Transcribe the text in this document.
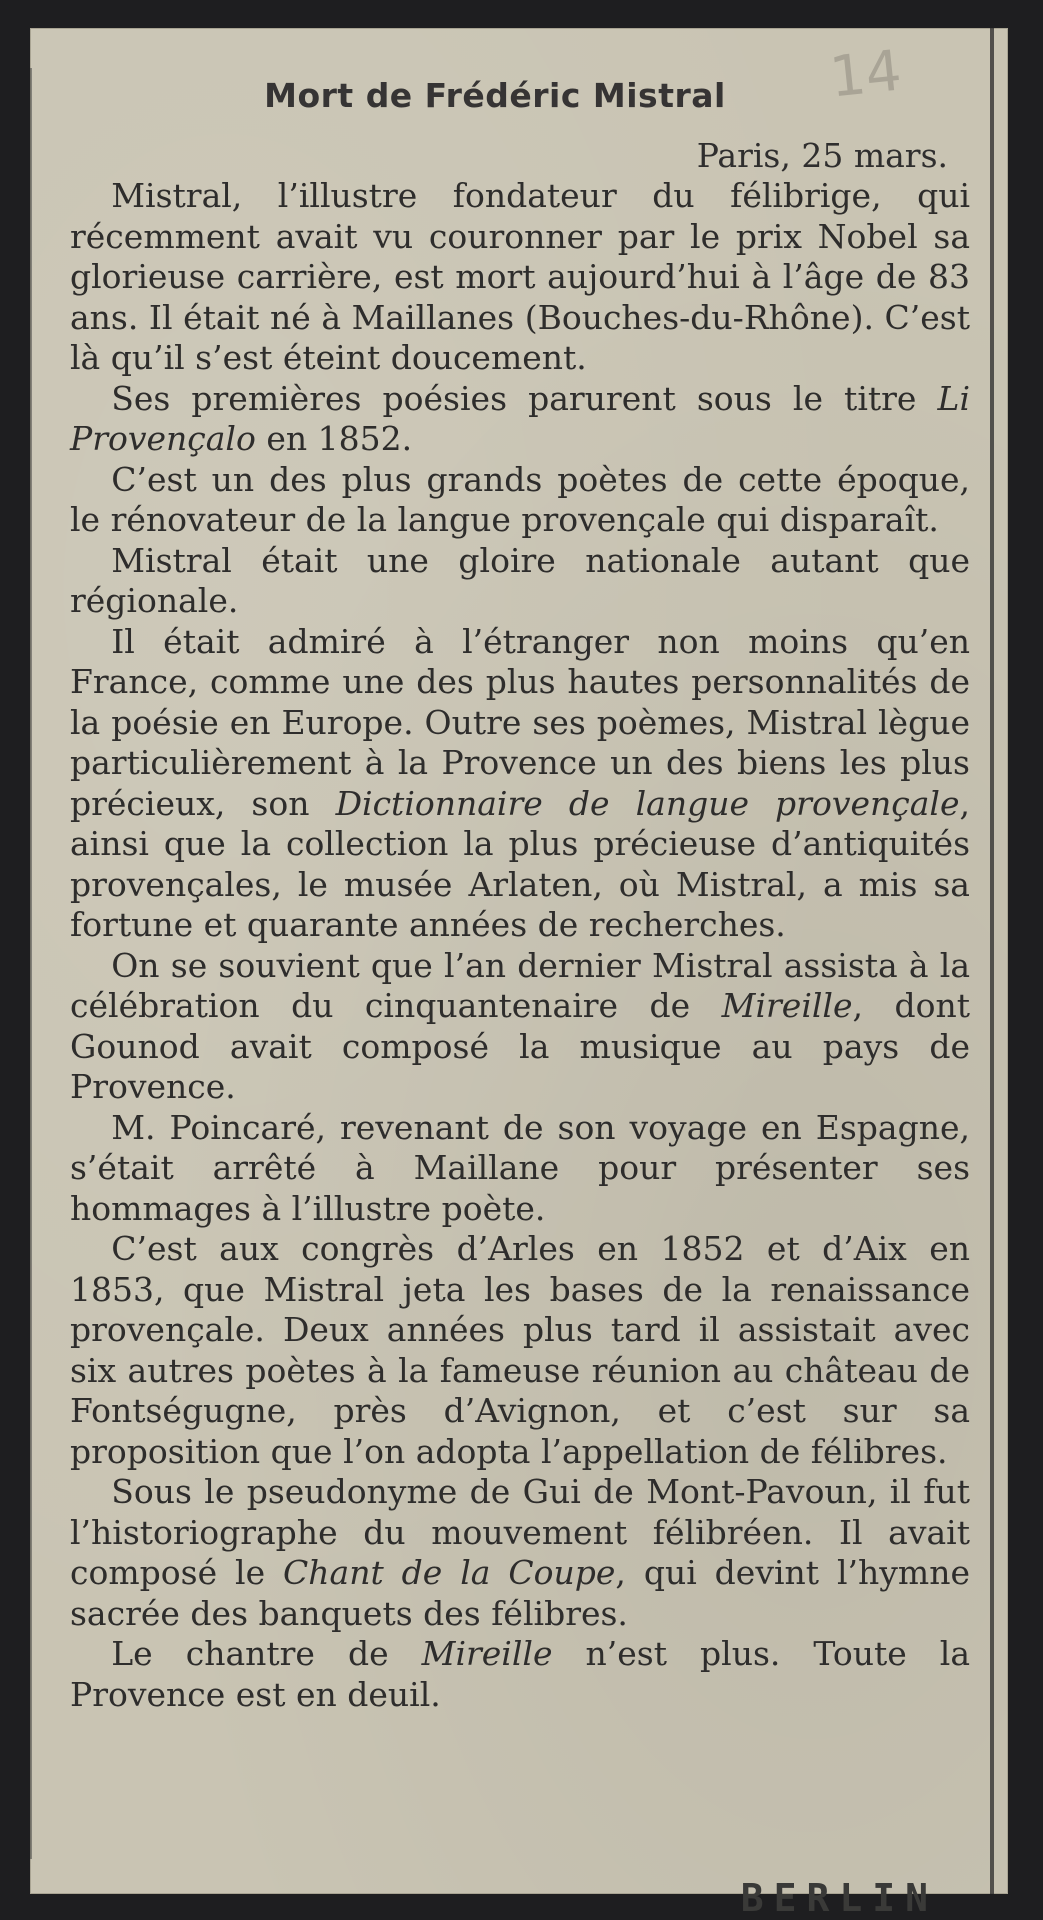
14
Mort de Frédéric Mistral
Paris, 25 mars.

Mistral, l’illustre fondateur du félibrige, qui récemment avait vu couronner par le prix Nobel sa glorieuse carrière, est mort aujourd’hui à l’âge de 83 ans. Il était né à Maillanes (Bouches-du-Rhône). C’est là qu’il s’est éteint doucement.

Ses premières poésies parurent sous le titre Li Provençalo en 1852.

C’est un des plus grands poètes de cette époque, le rénovateur de la langue provençale qui disparaît.

Mistral était une gloire nationale autant que régionale.

Il était admiré à l’étranger non moins qu’en France, comme une des plus hautes personnalités de la poésie en Europe. Outre ses poèmes, Mistral lègue particulièrement à la Provence un des biens les plus précieux, son Dictionnaire de langue provençale, ainsi que la collection la plus précieuse d’antiquités provençales, le musée Arlaten, où Mistral, a mis sa fortune et quarante années de recherches.

On se souvient que l’an dernier Mistral assista à la célébration du cinquantenaire de Mireille, dont Gounod avait composé la musique au pays de Provence.

M. Poincaré, revenant de son voyage en Espagne, s’était arrêté à Maillane pour présenter ses hommages à l’illustre poète.

C’est aux congrès d’Arles en 1852 et d’Aix en 1853, que Mistral jeta les bases de la renaissance provençale. Deux années plus tard il assistait avec six autres poètes à la fameuse réunion au château de Fontségugne, près d’Avignon, et c’est sur sa proposition que l’on adopta l’appellation de félibres.

Sous le pseudonyme de Gui de Mont-Pavoun, il fut l’historiographe du mouvement félibréen. Il avait composé le Chant de la Coupe, qui devint l’hymne sacrée des banquets des félibres.

Le chantre de Mireille n’est plus. Toute la Provence est en deuil.

BERLIN
